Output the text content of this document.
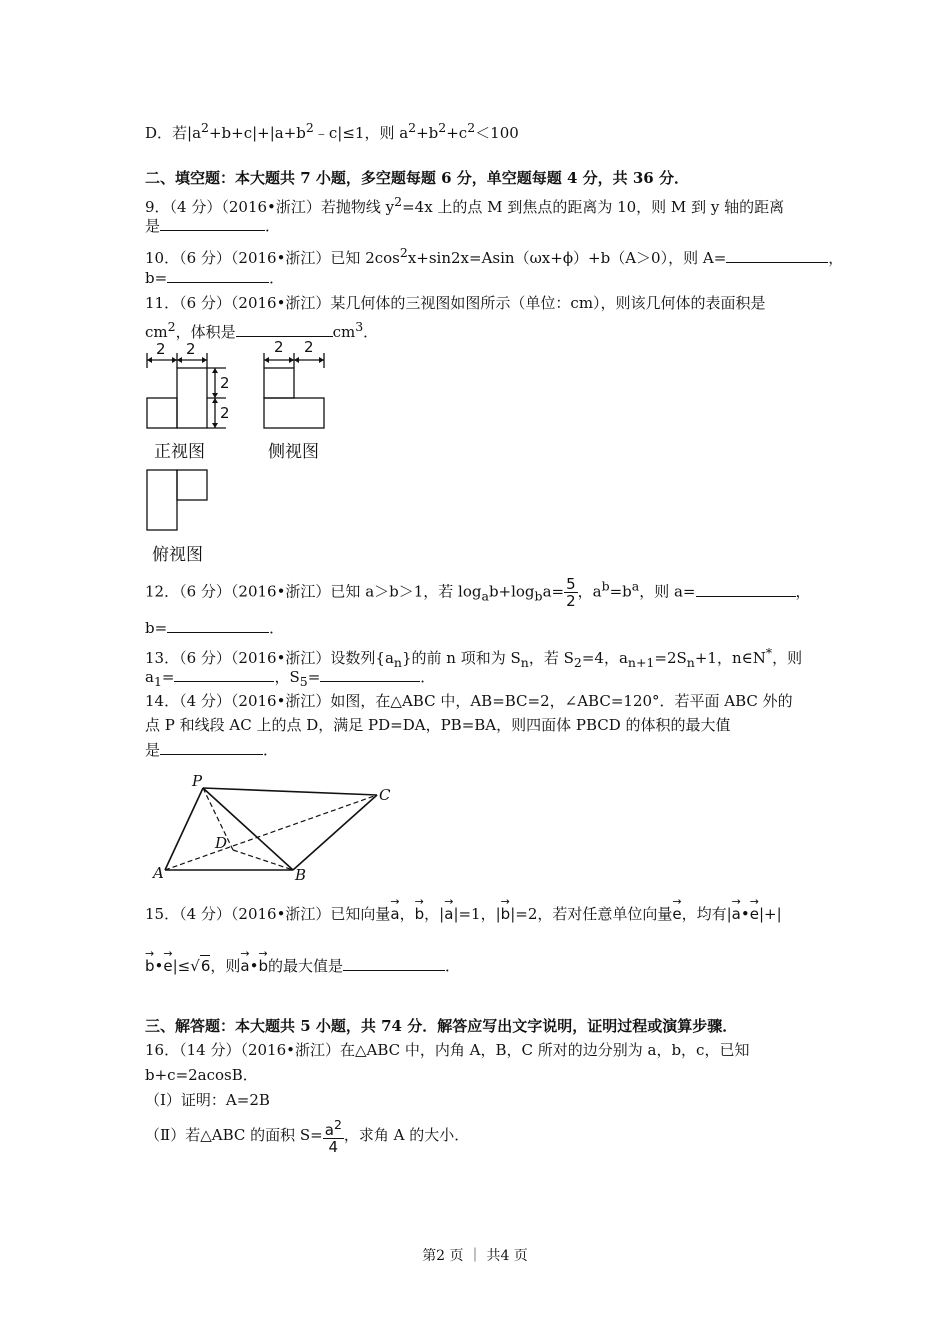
D．若$|a^2+b+c|+|a+b^2﹣c|\le 1$，则 $a^2+b^2+c^2<100$
二、填空题：本大题共 7 小题，多空题每题 6 分，单空题每题 4 分，共 36 分．
9．（4 分）（2016•浙江）若抛物线 $y^2=4x$ 上的点 M 到焦点的距离为 10，则 M 到 y 轴的距离
是	．
10．（6 分）（2016•浙江）已知 $2\cos^2x+\sin 2x=Asin(\omega x+\phi)+b(A>0)$，则 A=	，
b=	．
11．（6 分）（2016•浙江）某几何体的三视图如图所示（单位：cm），则该几何体的表面积是
$cm^2$，体积是	$cm^3$．
2 2
2
2
2 2
正视图	侧视图
俯视图
12．（6 分）（2016•浙江）已知 a＞b＞1，若 $\log_ab+\log_ba= \frac{5}{2}$ ，$a^b=b^a$，则 a=	，
b=	．
13．（6 分）（2016•浙江）设数列$\{a_n\}$的前 n 项和为 $S_n$，若 $S_2=4$，$a_{n+1}=2S_n+1$，n∈N*，则
$a_1=$	，$S_5=$	．
14．（4 分）（2016•浙江）如图，在△ABC 中，AB=BC=2，∠ABC=120°．若平面 ABC 外的
点 P 和线段 AC 上的点 D，满足 PD=DA，PB=BA，则四面体 PBCD 的体积的最大值
是	．
P
C
D
A	B
15．（4 分）（2016•浙江）已知向量→ a，→ b，|→ a|=1，|→ b|=2，若对任意单位向量→ e，均有|→ a•→ e|+|
→ b•→ e|≤√6，则→ a•→ b的最大值是	．
三、解答题：本大题共 5 小题，共 74 分．解答应写出文字说明，证明过程或演算步骤．
16．（14 分）（2016•浙江）在△ABC 中，内角 A，B，C 所对的边分别为 a，b，c，已知
b+c=2acosB．
（Ⅰ）证明：A=2B
（Ⅱ）若△ABC 的面积 $S= \frac{a^2}{4}$ ，求角 A 的大小．
第2 页 ｜ 共4 页
